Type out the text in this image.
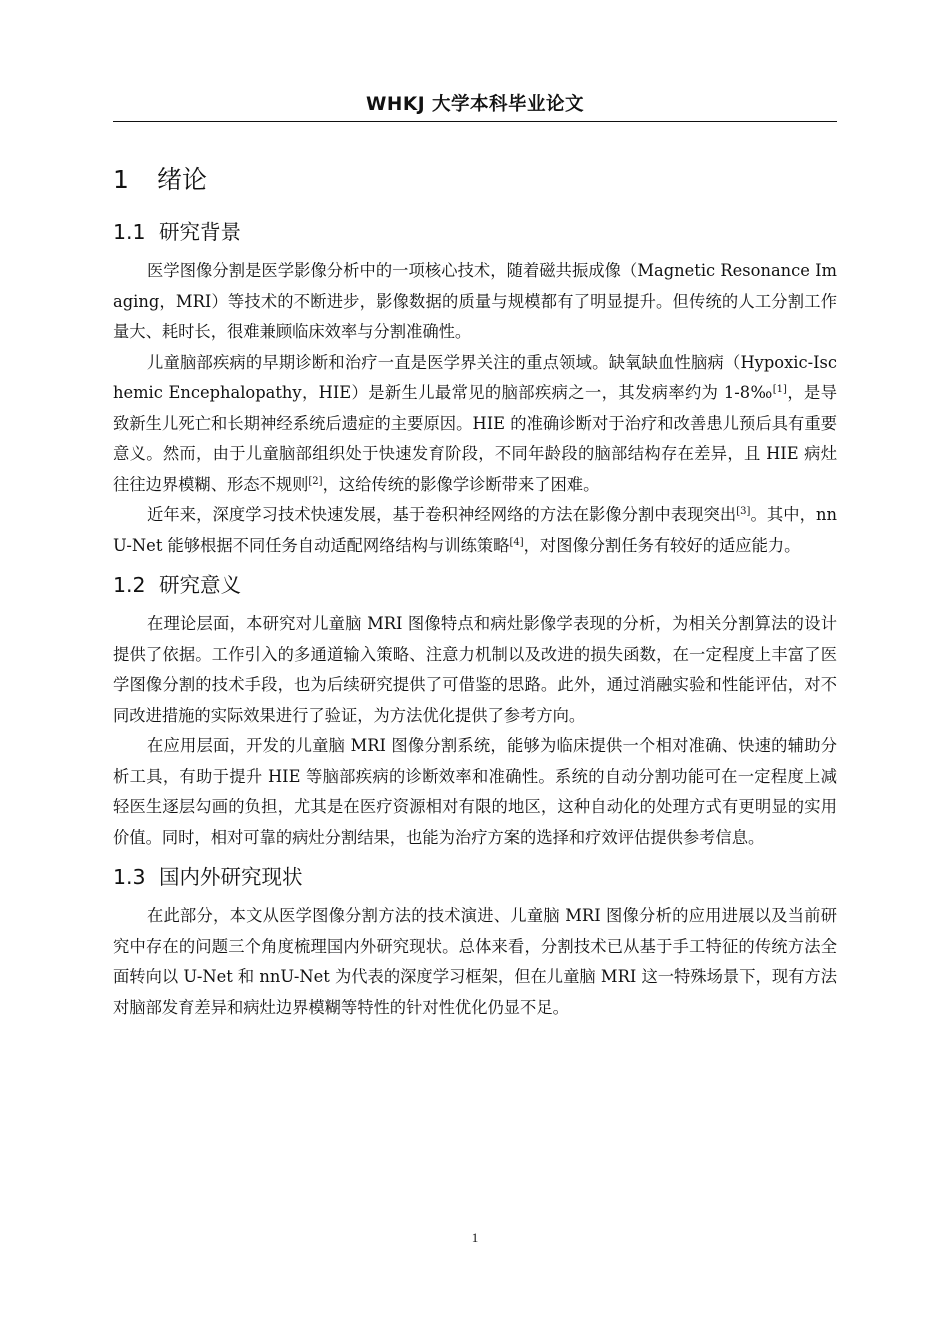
WHKJ 大学本科毕业论文
1 绪论
1.1 研究背景

医学图像分割是医学影像分析中的一项核心技术，随着磁共振成像（Magnetic Resonance Imaging，MRI）等技术的不断进步，影像数据的质量与规模都有了明显提升。但传统的人工分割工作量大、耗时长，很难兼顾临床效率与分割准确性。

儿童脑部疾病的早期诊断和治疗一直是医学界关注的重点领域。缺氧缺血性脑病（Hypoxic-Ischemic Encephalopathy，HIE）是新生儿最常见的脑部疾病之一，其发病率约为 1-8‰[1]，是导致新生儿死亡和长期神经系统后遗症的主要原因。HIE 的准确诊断对于治疗和改善患儿预后具有重要意义。然而，由于儿童脑部组织处于快速发育阶段，不同年龄段的脑部结构存在差异，且 HIE 病灶往往边界模糊、形态不规则[2]，这给传统的影像学诊断带来了困难。

近年来，深度学习技术快速发展，基于卷积神经网络的方法在影像分割中表现突出[3]。其中，nnU-Net 能够根据不同任务自动适配网络结构与训练策略[4]，对图像分割任务有较好的适应能力。

1.2 研究意义

在理论层面，本研究对儿童脑 MRI 图像特点和病灶影像学表现的分析，为相关分割算法的设计提供了依据。工作引入的多通道输入策略、注意力机制以及改进的损失函数，在一定程度上丰富了医学图像分割的技术手段，也为后续研究提供了可借鉴的思路。此外，通过消融实验和性能评估，对不同改进措施的实际效果进行了验证，为方法优化提供了参考方向。

在应用层面，开发的儿童脑 MRI 图像分割系统，能够为临床提供一个相对准确、快速的辅助分析工具，有助于提升 HIE 等脑部疾病的诊断效率和准确性。系统的自动分割功能可在一定程度上减轻医生逐层勾画的负担，尤其是在医疗资源相对有限的地区，这种自动化的处理方式有更明显的实用价值。同时，相对可靠的病灶分割结果，也能为治疗方案的选择和疗效评估提供参考信息。

1.3 国内外研究现状

在此部分，本文从医学图像分割方法的技术演进、儿童脑 MRI 图像分析的应用进展以及当前研究中存在的问题三个角度梳理国内外研究现状。总体来看，分割技术已从基于手工特征的传统方法全面转向以 U-Net 和 nnU-Net 为代表的深度学习框架，但在儿童脑 MRI 这一特殊场景下，现有方法对脑部发育差异和病灶边界模糊等特性的针对性优化仍显不足。

1
